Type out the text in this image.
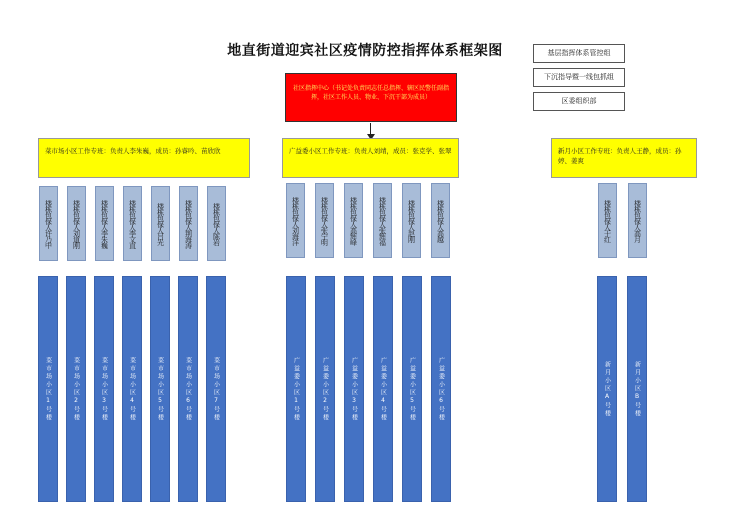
地直街道迎宾社区疫情防控指挥体系框架图	基层指挥体系管控组
下沉指导暨一线包抓组
区委组织部
社区指挥中心（书记处负责同志任总指挥、辖区民警任副指挥，社区工作人员、物业、下沉干部为成员）
菜市场小区工作专班：负责人李朱巍，成员：孙睿吟、苗欣欣	广益委小区工作专班：负责人刘靖，成员：张克学、张翠	新月小区工作专班：负责人王静，成员：孙婷、姜爽
楼栋包保人许乃中	楼栋包保人刘道刚	楼栋包保人李朱巍	楼栋包保人李文直	楼栋包保人吕光	楼栋包保人荆海涛	楼栋包保人陈岩
菜市场小区1号楼	菜市场小区2号楼	菜市场小区3号楼	菜市场小区4号楼	菜市场小区5号楼	菜市场小区6号楼	菜市场小区7号楼
楼栋包保人刘海洋	楼栋包保人张宁明	楼栋包保人高辉峰	楼栋包保人张辉福	楼栋包保人赵刚	楼栋包保人高越
广益委小区1号楼	广益委小区2号楼	广益委小区3号楼	广益委小区4号楼	广益委小区5号楼	广益委小区6号楼
楼栋包保人于红	楼栋包保人高月
新月小区A号楼	新月小区B号楼
